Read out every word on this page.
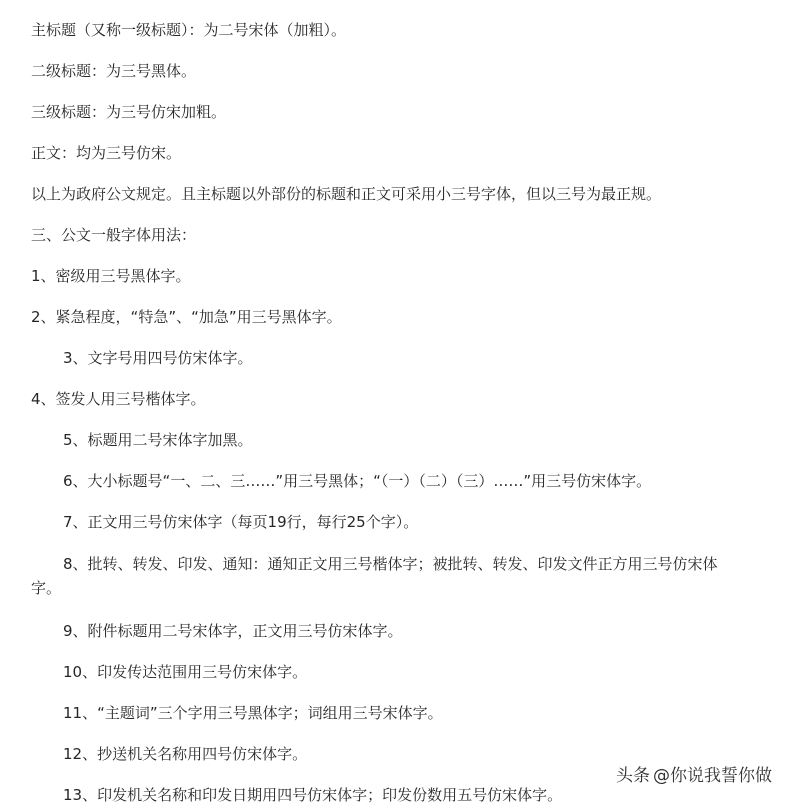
主标题（又称一级标题）：为二号宋体（加粗）。

二级标题：为三号黑体。

三级标题：为三号仿宋加粗。

正文：均为三号仿宋。

以上为政府公文规定。且主标题以外部份的标题和正文可采用小三号字体，但以三号为最正规。

三、公文一般字体用法：

1、密级用三号黑体字。

2、紧急程度，“特急”、“加急”用三号黑体字。

3、文字号用四号仿宋体字。

4、签发人用三号楷体字。

5、标题用二号宋体字加黑。

6、大小标题号“一、二、三……”用三号黑体；“（一）（二）（三）……”用三号仿宋体字。

7、正文用三号仿宋体字（每页19行，每行25个字）。

8、批转、转发、印发、通知：通知正文用三号楷体字；被批转、转发、印发文件正方用三号仿宋体字。

9、附件标题用二号宋体字，正文用三号仿宋体字。

10、印发传达范围用三号仿宋体字。

11、“主题词”三个字用三号黑体字；词组用三号宋体字。

12、抄送机关名称用四号仿宋体字。

13、印发机关名称和印发日期用四号仿宋体字；印发份数用五号仿宋体字。

头条 @你说我誓你做
